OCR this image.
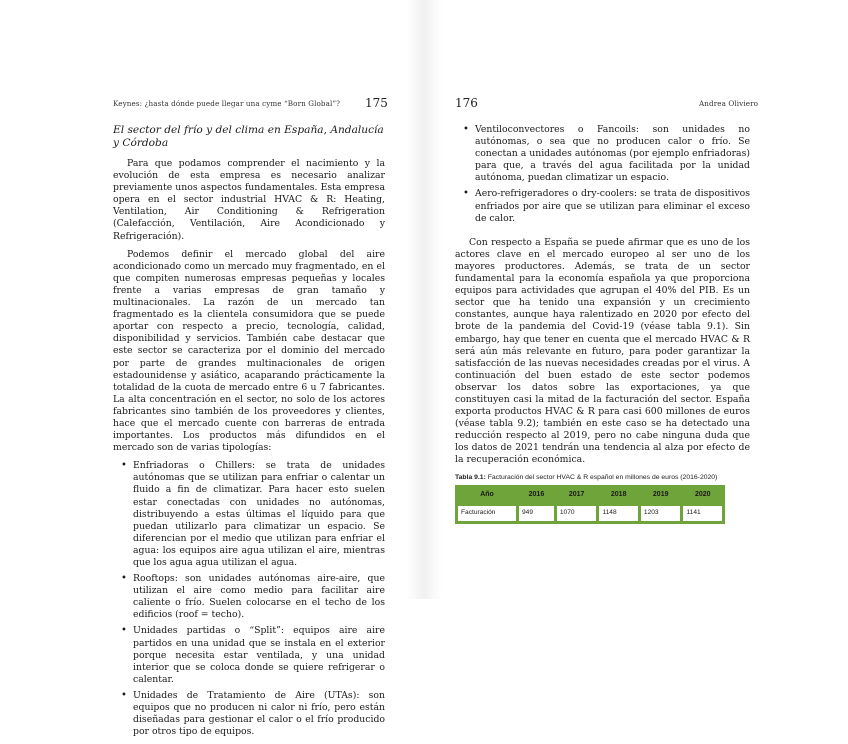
Keynes: ¿hasta dónde puede llegar una cyme “Born Global”? 175
El sector del frío y del clima en España, Andalucía y Córdoba

Para que podamos comprender el nacimiento y la evolución de esta empresa es necesario analizar previamente unos aspectos fundamentales. Esta empresa opera en el sector industrial HVAC & R: Heating, Ventilation, Air Conditioning & Refrigeration (Calefacción, Ventilación, Aire Acondicionado y Refrigeración).

Podemos definir el mercado global del aire acondicionado como un mercado muy fragmentado, en el que compiten numerosas empresas pequeñas y locales frente a varias empresas de gran tamaño y multinacionales. La razón de un mercado tan fragmentado es la clientela consumidora que se puede aportar con respecto a precio, tecnología, calidad, disponibilidad y servicios. También cabe destacar que este sector se caracteriza por el dominio del mercado por parte de grandes multinacionales de origen estadounidense y asiático, acaparando prácticamente la totalidad de la cuota de mercado entre 6 u 7 fabricantes. La alta concentración en el sector, no solo de los actores fabricantes sino también de los proveedores y clientes, hace que el mercado cuente con barreras de entrada importantes. Los productos más difundidos en el mercado son de varias tipologías:

• Enfriadoras o Chillers: se trata de unidades autónomas que se utilizan para enfriar o calentar un fluido a fin de climatizar. Para hacer esto suelen estar conectadas con unidades no autónomas, distribuyendo a estas últimas el líquido para que puedan utilizarlo para climatizar un espacio. Se diferencian por el medio que utilizan para enfriar el agua: los equipos aire agua utilizan el aire, mientras que los agua agua utilizan el agua.
• Rooftops: son unidades autónomas aire-aire, que utilizan el aire como medio para facilitar aire caliente o frío. Suelen colocarse en el techo de los edificios (roof = techo).
• Unidades partidas o “Split”: equipos aire aire partidos en una unidad que se instala en el exterior porque necesita estar ventilada, y una unidad interior que se coloca donde se quiere refrigerar o calentar.
• Unidades de Tratamiento de Aire (UTAs): son equipos que no producen ni calor ni frío, pero están diseñadas para gestionar el calor o el frío producido por otros tipo de equipos.
176	Andrea Oliviero
• Ventiloconvectores o Fancoils: son unidades no autónomas, o sea que no producen calor o frío. Se conectan a unidades autónomas (por ejemplo enfriadoras) para que, a través del agua facilitada por la unidad autónoma, puedan climatizar un espacio.
• Aero-refrigeradores o dry-coolers: se trata de dispositivos enfriados por aire que se utilizan para eliminar el exceso de calor.

Con respecto a España se puede afirmar que es uno de los actores clave en el mercado europeo al ser uno de los mayores productores. Además, se trata de un sector fundamental para la economía española ya que proporciona equipos para actividades que agrupan el 40% del PIB. Es un sector que ha tenido una expansión y un crecimiento constantes, aunque haya ralentizado en 2020 por efecto del brote de la pandemia del Covid-19 (véase tabla 9.1). Sin embargo, hay que tener en cuenta que el mercado HVAC & R será aún más relevante en futuro, para poder garantizar la satisfacción de las nuevas necesidades creadas por el virus. A continuación del buen estado de este sector podemos observar los datos sobre las exportaciones, ya que constituyen casi la mitad de la facturación del sector. España exporta productos HVAC & R para casi 600 millones de euros (véase tabla 9.2); también en este caso se ha detectado una reducción respecto al 2019, pero no cabe ninguna duda que los datos de 2021 tendrán una tendencia al alza por efecto de la recuperación económica.

Tabla 9.1: Facturación del sector HVAC & R español en millones de euros (2016-2020)
Año	2016	2017	2018	2019	2020
Facturación	949	1070	1148	1203	1141
